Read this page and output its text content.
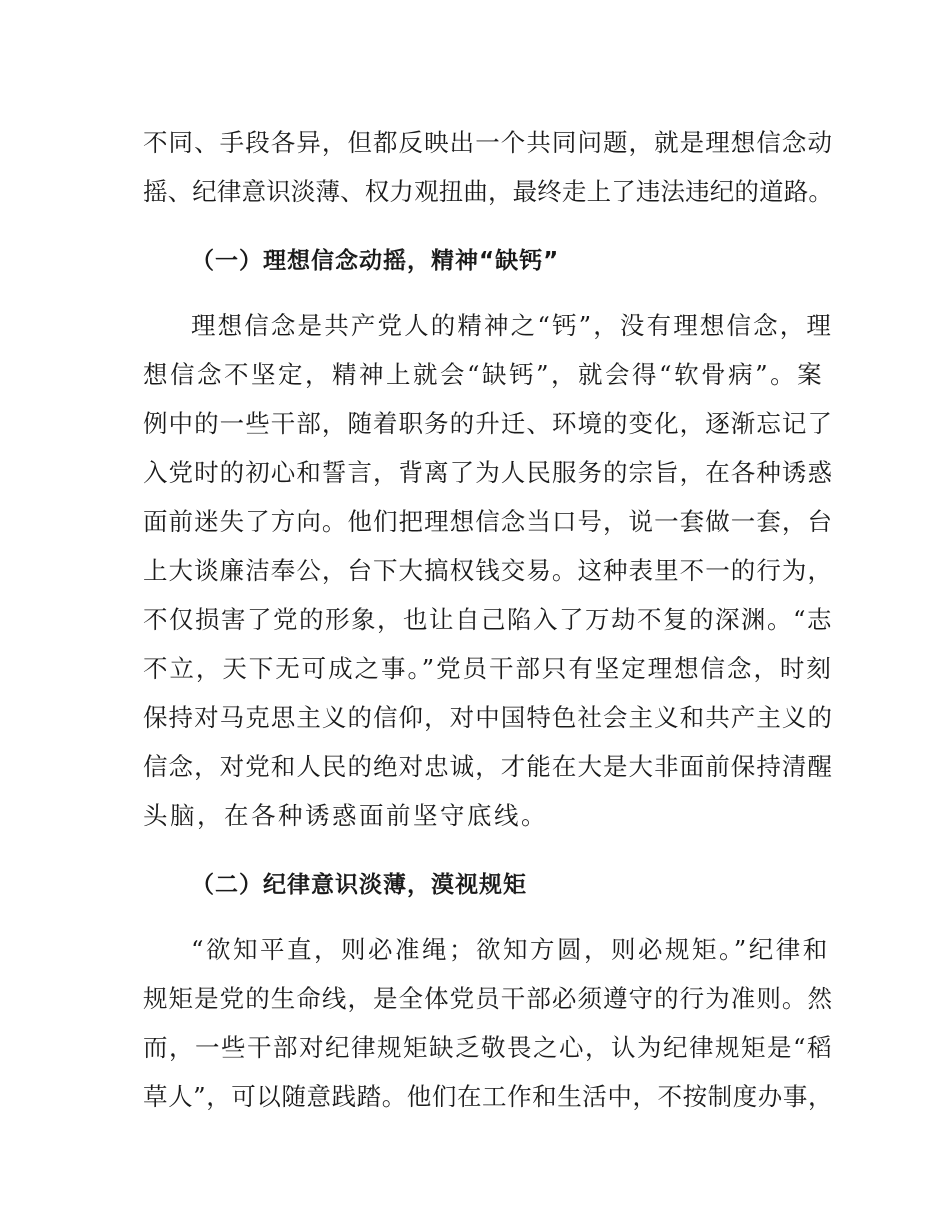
不同、手段各异，但都反映出一个共同问题，就是理想信念动
摇、纪律意识淡薄、权力观扭曲，最终走上了违法违纪的道路。
（一）理想信念动摇，精神“缺钙”
理想信念是共产党人的精神之“钙”，没有理想信念，理
想信念不坚定，精神上就会“缺钙”，就会得“软骨病”。案
例中的一些干部，随着职务的升迁、环境的变化，逐渐忘记了
入党时的初心和誓言，背离了为人民服务的宗旨，在各种诱惑
面前迷失了方向。他们把理想信念当口号，说一套做一套，台
上大谈廉洁奉公，台下大搞权钱交易。这种表里不一的行为，
不仅损害了党的形象，也让自己陷入了万劫不复的深渊。“志
不立，天下无可成之事。”党员干部只有坚定理想信念，时刻
保持对马克思主义的信仰，对中国特色社会主义和共产主义的
信念，对党和人民的绝对忠诚，才能在大是大非面前保持清醒
头脑，在各种诱惑面前坚守底线。
（二）纪律意识淡薄，漠视规矩
“欲知平直，则必准绳；欲知方圆，则必规矩。”纪律和
规矩是党的生命线，是全体党员干部必须遵守的行为准则。然
而，一些干部对纪律规矩缺乏敬畏之心，认为纪律规矩是“稻
草人”，可以随意践踏。他们在工作和生活中，不按制度办事，
